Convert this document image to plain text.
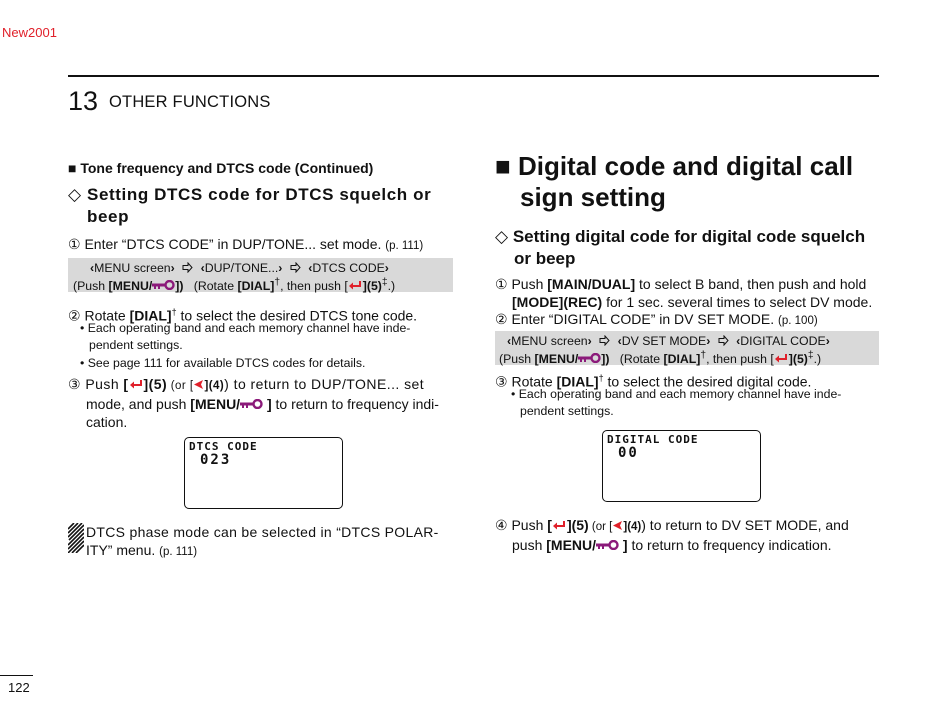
New2001
13 OTHER FUNCTIONS
■ Tone frequency and DTCS code (Continued)
◇ Setting DTCS code for DTCS squelch or
beep
① Enter “DTCS CODE” in DUP/TONE... set mode. (p. 111)
‹MENU screen› ‹DUP/TONE...› ‹DTCS CODE›
(Push [MENU/ ]) (Rotate [DIAL]†, then push [ ](5)‡.)
② Rotate [DIAL]† to select the desired DTCS tone code.
• Each operating band and each memory channel have inde-
pendent settings.
• See page 111 for available DTCS codes for details.
③ Push [ ](5) (or [ ](4)) to return to DUP/TONE... set
mode, and push [MENU/ ] to return to frequency indi-
cation.
DTCS CODE
023
DTCS phase mode can be selected in “DTCS POLAR-
ITY” menu. (p. 111)
■ Digital code and digital call
sign setting
◇ Setting digital code for digital code squelch
or beep
① Push [MAIN/DUAL] to select B band, then push and hold
[MODE](REC) for 1 sec. several times to select DV mode.
② Enter “DIGITAL CODE” in DV SET MODE. (p. 100)
‹MENU screen› ‹DV SET MODE› ‹DIGITAL CODE›
(Push [MENU/ ]) (Rotate [DIAL]†, then push [ ](5)‡.)
③ Rotate [DIAL]† to select the desired digital code.
• Each operating band and each memory channel have inde-
pendent settings.
DIGITAL CODE
00
④ Push [ ](5) (or [ ](4)) to return to DV SET MODE, and
push [MENU/ ] to return to frequency indication.
122
